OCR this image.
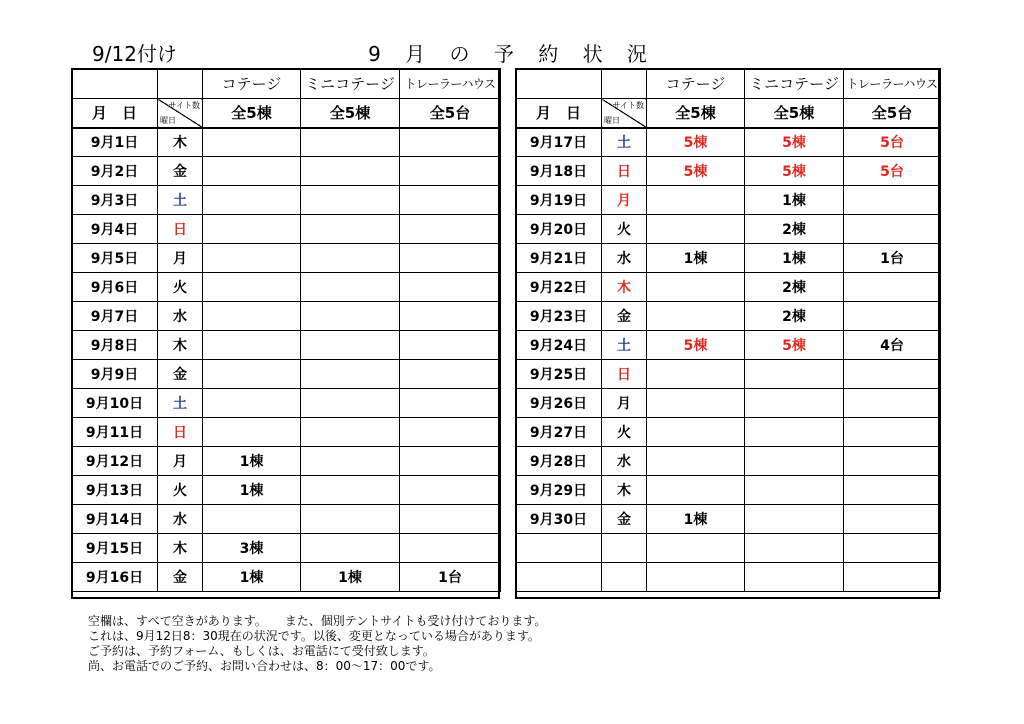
9/12付け	9 月 の 予 約 状 況
		コテージ	ミニコテージ	トレーラーハウス
月　日	サイト数
曜日	全5棟	全5棟	全5台
9月1日	木			
9月2日	金			
9月3日	土			
9月4日	日			
9月5日	月			
9月6日	火			
9月7日	水			
9月8日	木			
9月9日	金			
9月10日	土			
9月11日	日			
9月12日	月	1棟		
9月13日	火	1棟		
9月14日	水			
9月15日	木	3棟		
9月16日	金	1棟	1棟	1台
		コテージ	ミニコテージ	トレーラーハウス
月　日	サイト数
曜日	全5棟	全5棟	全5台
9月17日	土	5棟	5棟	5台
9月18日	日	5棟	5棟	5台
9月19日	月		1棟	
9月20日	火		2棟	
9月21日	水	1棟	1棟	1台
9月22日	木		2棟	
9月23日	金		2棟	
9月24日	土	5棟	5棟	4台
9月25日	日			
9月26日	月			
9月27日	火			
9月28日	水			
9月29日	木			
9月30日	金	1棟		

空欄は、すべて空きがあります。　　また、個別テントサイトも受け付けております。
これは、9月12日8：30現在の状況です。以後、変更となっている場合があります。
ご予約は、予約フォーム、もしくは、お電話にて受付致します。
尚、お電話でのご予約、お問い合わせは、8：00～17：00です。
